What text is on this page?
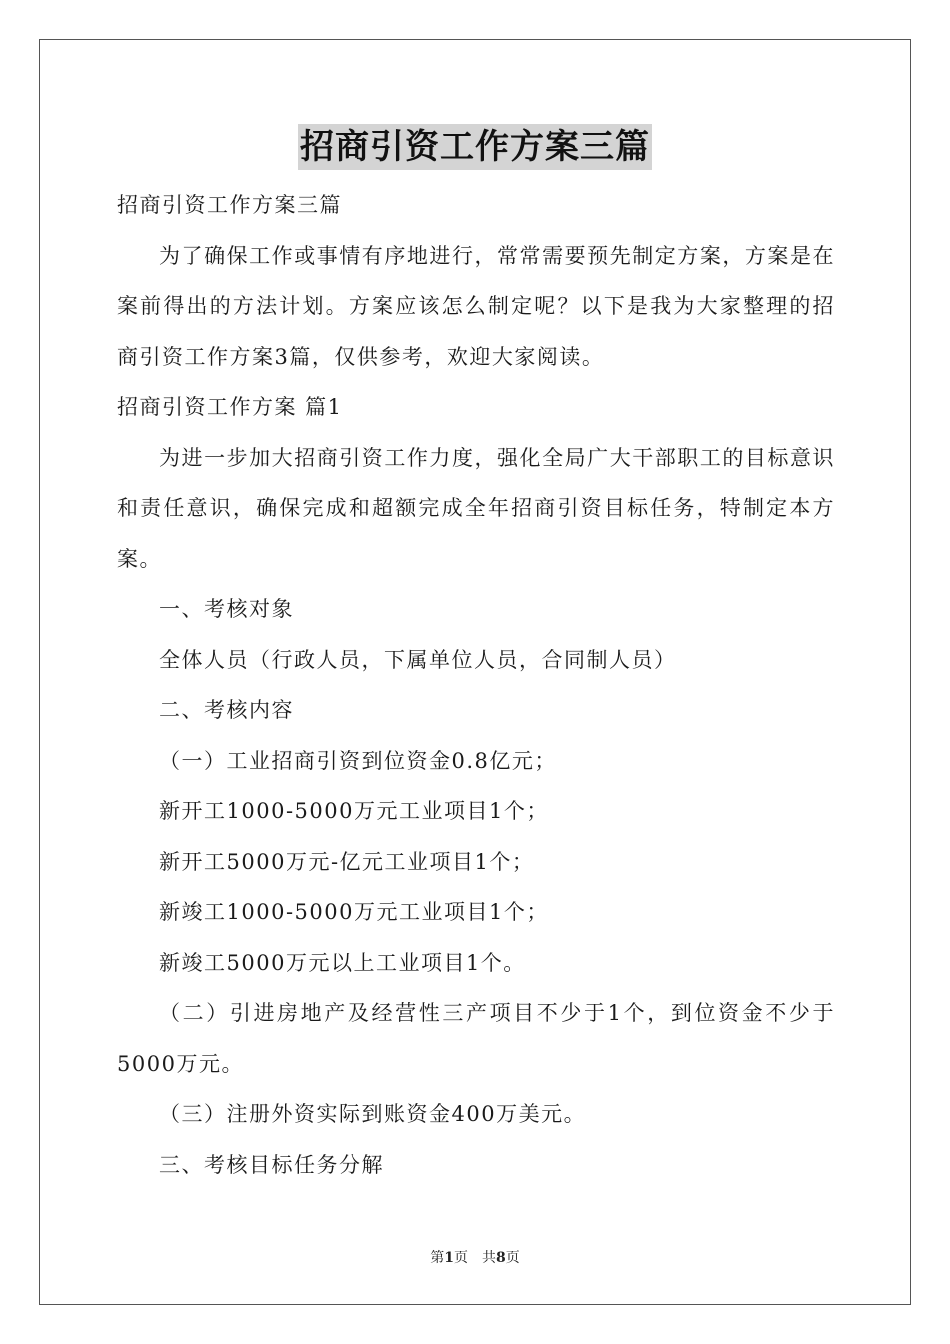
招商引资工作方案三篇

招商引资工作方案三篇

为了确保工作或事情有序地进行，常常需要预先制定方案，方案是在案前得出的方法计划。方案应该怎么制定呢？以下是我为大家整理的招商引资工作方案3篇，仅供参考，欢迎大家阅读。

招商引资工作方案 篇1

为进一步加大招商引资工作力度，强化全局广大干部职工的目标意识和责任意识，确保完成和超额完成全年招商引资目标任务，特制定本方案。

一、考核对象

全体人员（行政人员，下属单位人员，合同制人员）

二、考核内容

（一）工业招商引资到位资金0.8亿元；

新开工1000-5000万元工业项目1个；

新开工5000万元-亿元工业项目1个；

新竣工1000-5000万元工业项目1个；

新竣工5000万元以上工业项目1个。

（二）引进房地产及经营性三产项目不少于1个，到位资金不少于5000万元。

（三）注册外资实际到账资金400万美元。

三、考核目标任务分解

第1页　共8页
